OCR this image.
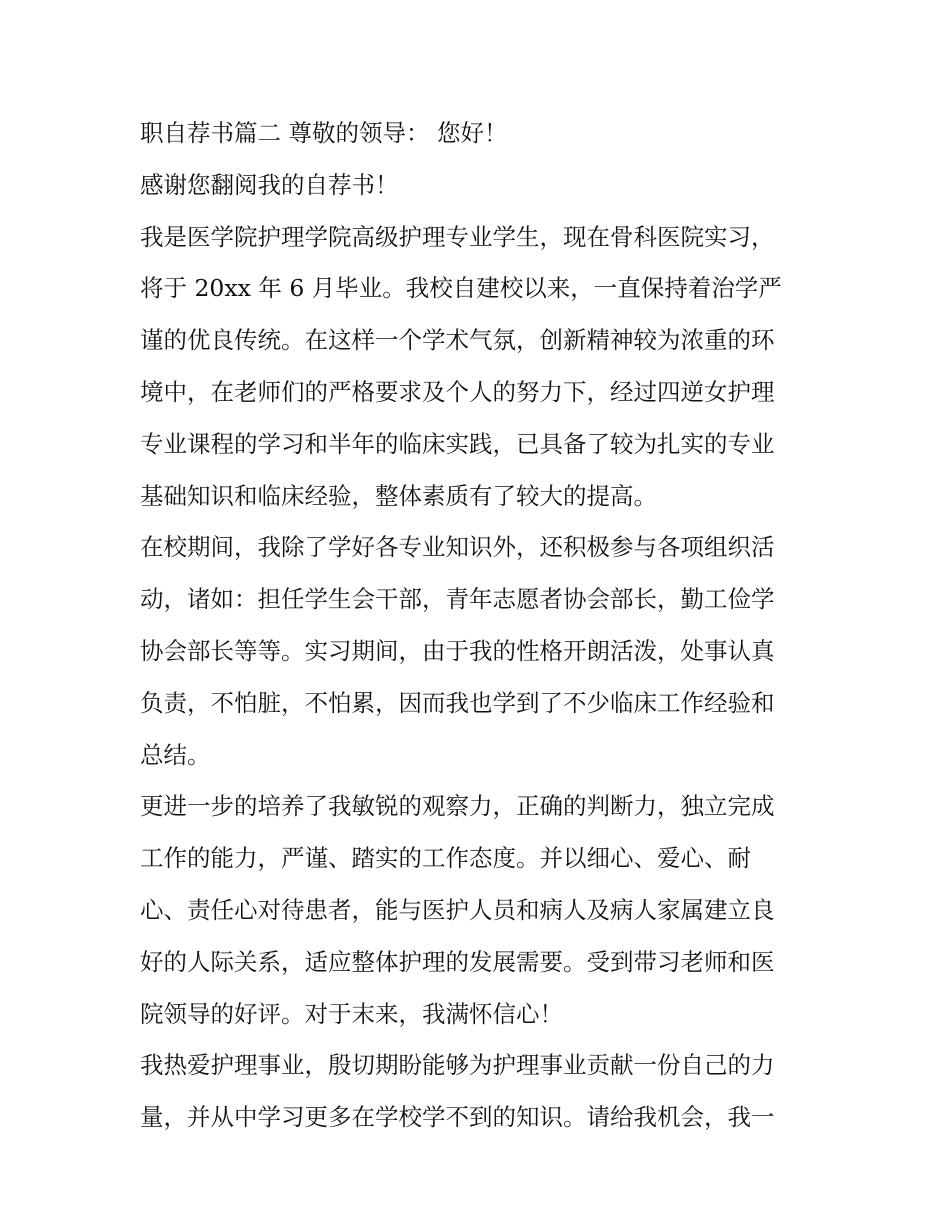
职自荐书篇二 尊敬的领导： 您好！
感谢您翻阅我的自荐书！
我是医学院护理学院高级护理专业学生，现在骨科医院实习，
将于 20xx 年 6 月毕业。我校自建校以来，一直保持着治学严
谨的优良传统。在这样一个学术气氛，创新精神较为浓重的环
境中，在老师们的严格要求及个人的努力下，经过四逆女护理
专业课程的学习和半年的临床实践，已具备了较为扎实的专业
基础知识和临床经验，整体素质有了较大的提高。
在校期间，我除了学好各专业知识外，还积极参与各项组织活
动，诸如：担任学生会干部，青年志愿者协会部长，勤工俭学
协会部长等等。实习期间，由于我的性格开朗活泼，处事认真
负责，不怕脏，不怕累，因而我也学到了不少临床工作经验和
总结。
更进一步的培养了我敏锐的观察力，正确的判断力，独立完成
工作的能力，严谨、踏实的工作态度。并以细心、爱心、耐
心、责任心对待患者，能与医护人员和病人及病人家属建立良
好的人际关系，适应整体护理的发展需要。受到带习老师和医
院领导的好评。对于末来，我满怀信心！
我热爱护理事业，殷切期盼能够为护理事业贡献一份自己的力
量，并从中学习更多在学校学不到的知识。请给我机会，我一
